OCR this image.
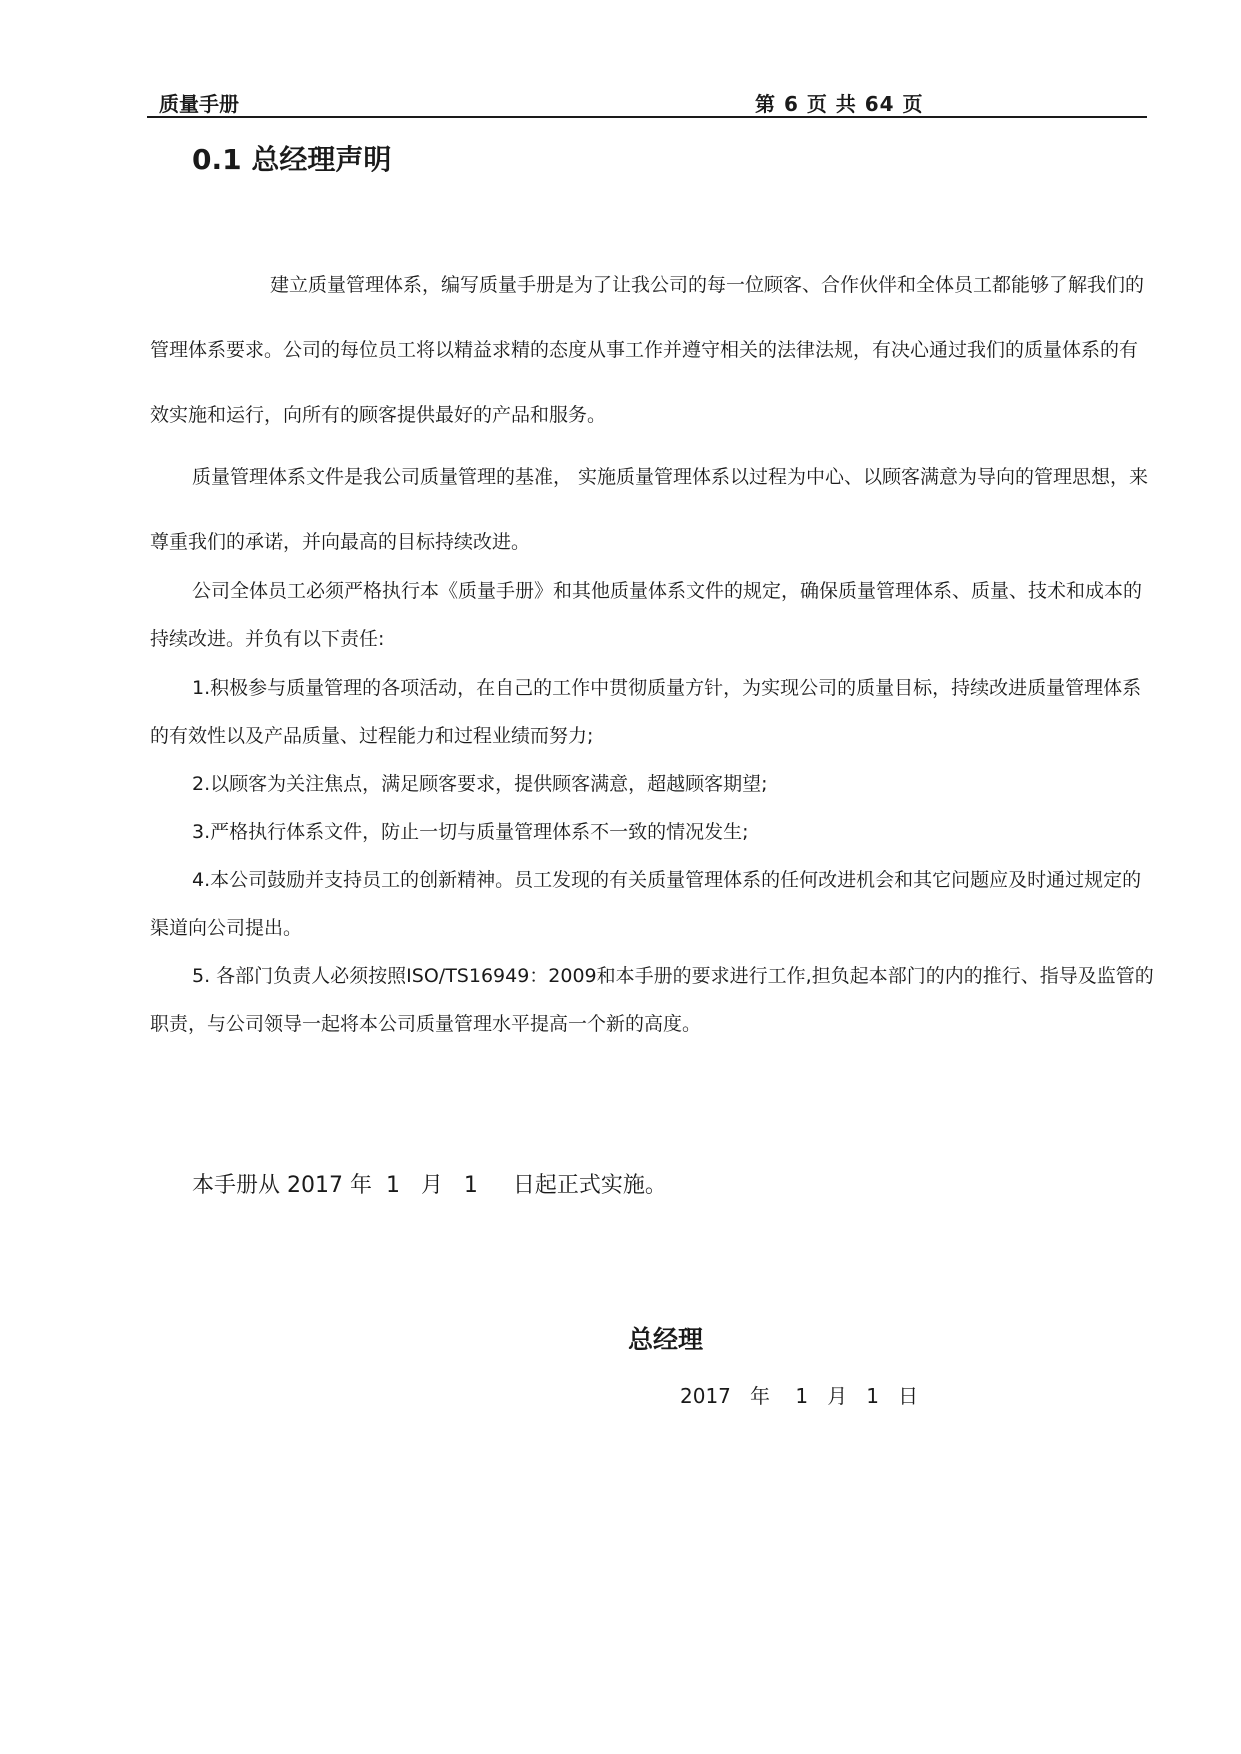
质量手册	第 6 页 共 64 页
0.1 总经理声明

建立质量管理体系，编写质量手册是为了让我公司的每一位顾客、合作伙伴和全体员工都能够了解我们的管理体系要求。公司的每位员工将以精益求精的态度从事工作并遵守相关的法律法规，有决心通过我们的质量体系的有效实施和运行，向所有的顾客提供最好的产品和服务。

质量管理体系文件是我公司质量管理的基准， 实施质量管理体系以过程为中心、以顾客满意为导向的管理思想，来尊重我们的承诺，并向最高的目标持续改进。

公司全体员工必须严格执行本《质量手册》和其他质量体系文件的规定，确保质量管理体系、质量、技术和成本的持续改进。并负有以下责任:

1.积极参与质量管理的各项活动，在自己的工作中贯彻质量方针，为实现公司的质量目标，持续改进质量管理体系的有效性以及产品质量、过程能力和过程业绩而努力;

2.以顾客为关注焦点，满足顾客要求，提供顾客满意，超越顾客期望;

3.严格执行体系文件，防止一切与质量管理体系不一致的情况发生;

4.本公司鼓励并支持员工的创新精神。员工发现的有关质量管理体系的任何改进机会和其它问题应及时通过规定的渠道向公司提出。

5. 各部门负责人必须按照ISO/TS16949：2009和本手册的要求进行工作,担负起本部门的内的推行、指导及监管的职责，与公司领导一起将本公司质量管理水平提高一个新的高度。

本手册从 2017 年  1   月   1     日起正式实施。
总经理
2017   年    1   月   1   日
